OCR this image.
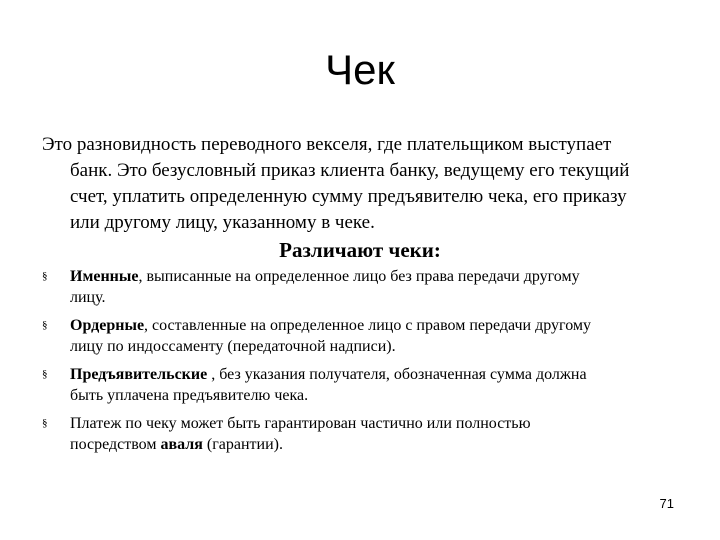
Чек
Это разновидность переводного векселя, где плательщиком выступает
банк. Это безусловный приказ клиента банку, ведущему его текущий
счет, уплатить определенную сумму предъявителю чека, его приказу
или другому лицу, указанному в чеке.
Различают чеки:
§	Именные, выписанные на определенное лицо без права передачи другому
лицу.
§	Ордерные, составленные на определенное лицо с правом передачи другому
лицу по индоссаменту (передаточной надписи).
§	Предъявительские , без указания получателя, обозначенная сумма должна
быть уплачена предъявителю чека.
§	Платеж по чеку может быть гарантирован частично или полностью
посредством аваля (гарантии).
71
